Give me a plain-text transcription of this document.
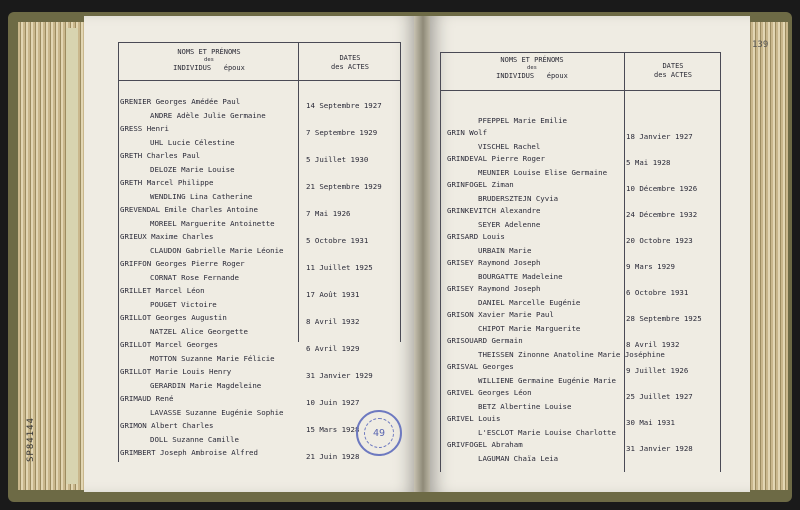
NOMS ET PRÉNOMS
des
INDIVIDUS époux
DATES
des ACTES
NOMS ET PRÉNOMS
des
INDIVIDUS époux
DATES
des ACTES
GRENIER Georges Amédée Paul
ANDRE Adèle Julie Germaine
14 Septembre 1927
GRESS Henri
UHL Lucie Célestine
7 Septembre 1929
GRETH Charles Paul
DELOZE Marie Louise
5 Juillet 1930
GRETH Marcel Philippe
WENDLING Lina Catherine
21 Septembre 1929
GREVENDAL Emile Charles Antoine
MOREEL Marguerite Antoinette
7 Mai 1926
GRIEUX Maxime Charles
CLAUDON Gabrielle Marie Léonie
5 Octobre 1931
GRIFFON Georges Pierre Roger
CORNAT Rose Fernande
11 Juillet 1925
GRILLET Marcel Léon
POUGET Victoire
17 Août 1931
GRILLOT Georges Augustin
NATZEL Alice Georgette
8 Avril 1932
GRILLOT Marcel Georges
MOTTON Suzanne Marie Félicie
6 Avril 1929
GRILLOT Marie Louis Henry
GERARDIN Marie Magdeleine
31 Janvier 1929
GRIMAUD René
LAVASSE Suzanne Eugénie Sophie
10 Juin 1927
GRIMON Albert Charles
DOLL Suzanne Camille
15 Mars 1928
GRIMBERT Joseph Ambroise Alfred	21 Juin 1928
PFEPPEL Marie Emilie
GRIN Wolf
VISCHEL Rachel
18 Janvier 1927
GRINDEVAL Pierre Roger
MEUNIER Louise Elise Germaine
5 Mai 1928
GRINFOGEL Ziman
BRUDERSZTEJN Cyvia
10 Décembre 1926
GRINKEVITCH Alexandre
SEYER Adelenne
24 Décembre 1932
GRISARD Louis
URBAIN Marie
20 Octobre 1923
GRISEY Raymond Joseph
BOURGATTE Madeleine
9 Mars 1929
GRISEY Raymond Joseph
DANIEL Marcelle Eugénie
6 Octobre 1931
GRISON Xavier Marie Paul
CHIPOT Marie Marguerite
28 Septembre 1925
GRISOUARD Germain
THEISSEN Zinonne Anatoline Marie Joséphine
8 Avril 1932
GRISVAL Georges
WILLIENE Germaine Eugénie Marie
9 Juillet 1926
GRIVEL Georges Léon
BETZ Albertine Louise
25 Juillet 1927
GRIVEL Louis
L'ESCLOT Marie Louise Charlotte
30 Mai 1931
GRIVFOGEL Abraham
LAGUMAN Chaïa Leia
31 Janvier 1928
49
SP84144
139
